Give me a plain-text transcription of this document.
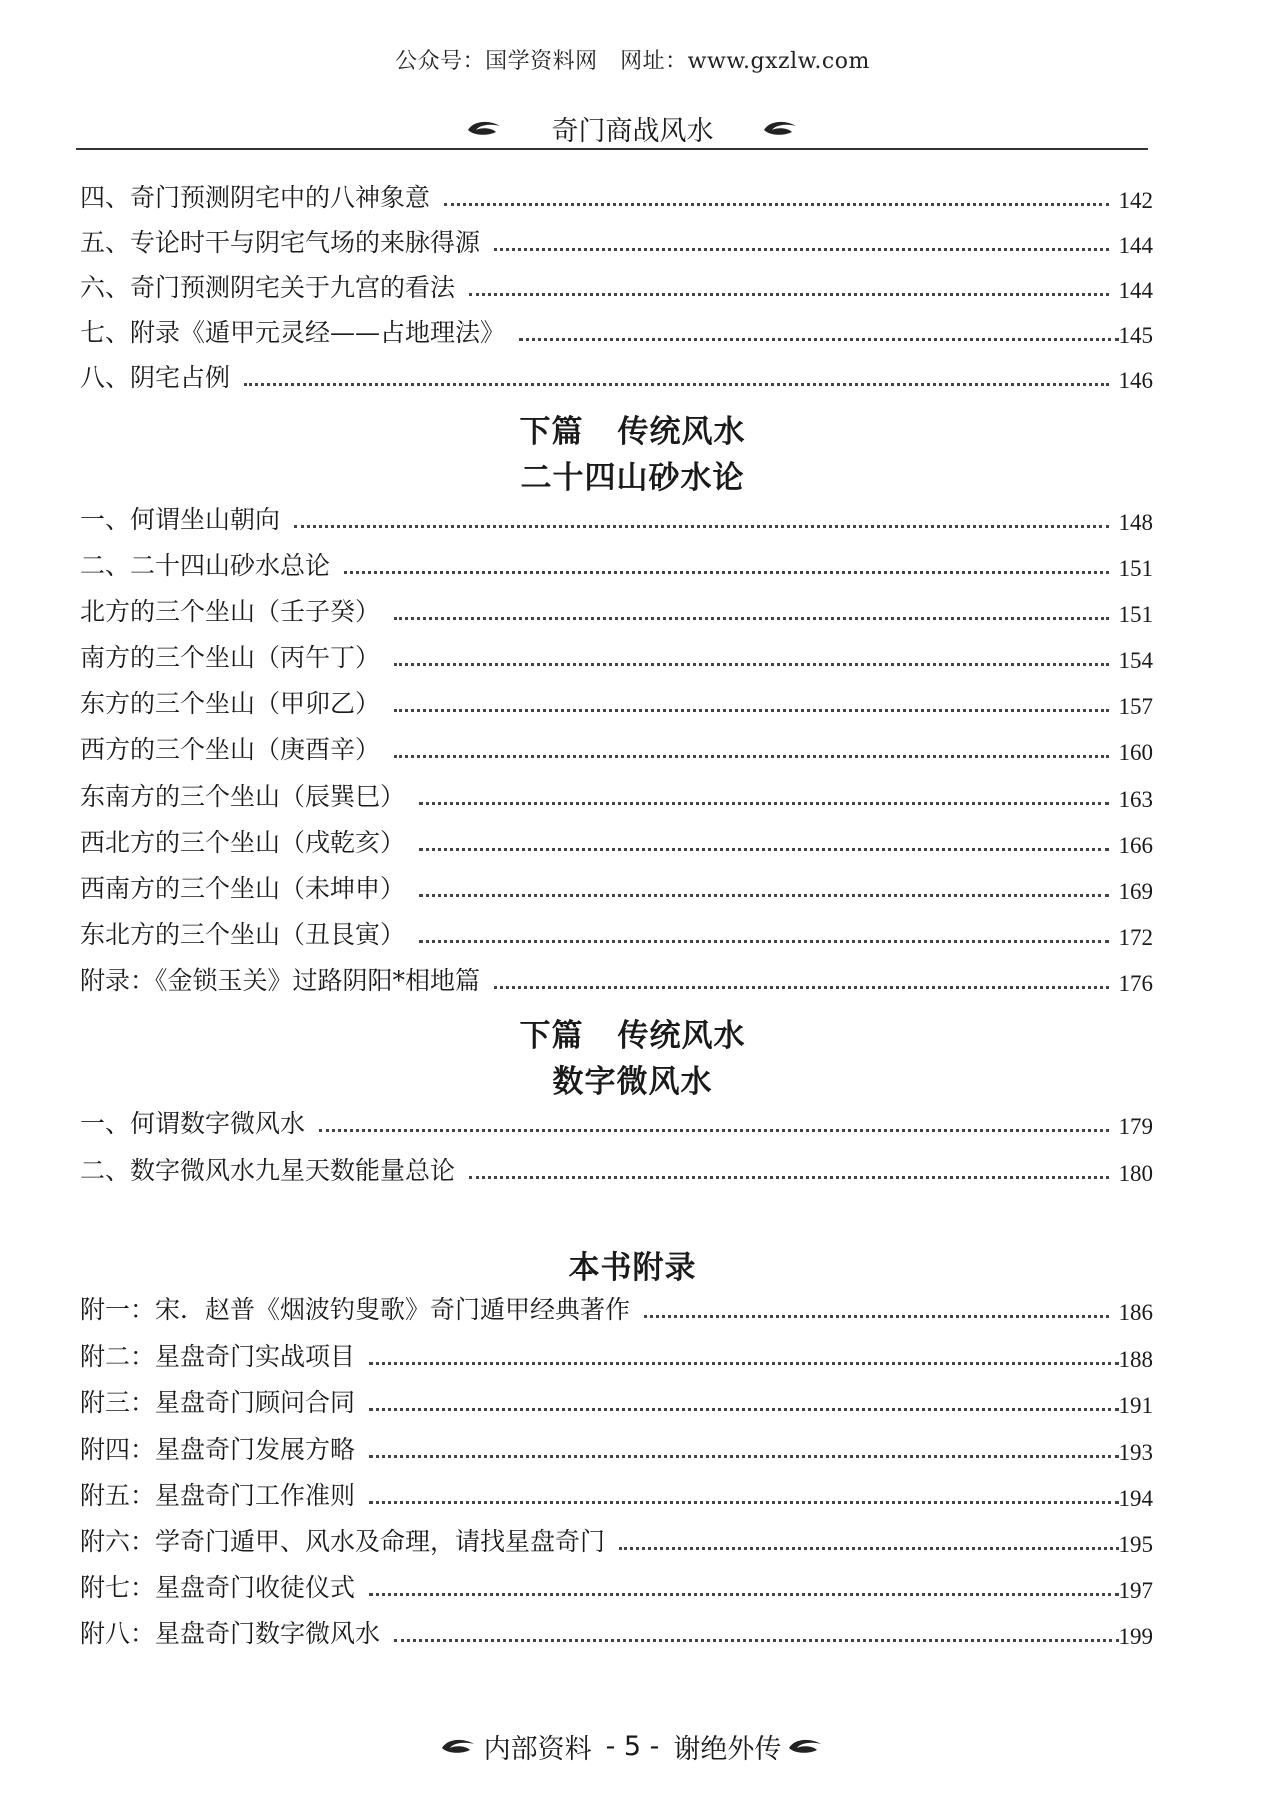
公众号：国学资料网　网址：www.gxzlw.com
奇门商战风水
四、奇门预测阴宅中的八神象意	142
五、专论时干与阴宅气场的来脉得源	144
六、奇门预测阴宅关于九宫的看法	144
七、附录《遁甲元灵经——占地理法》	145
八、阴宅占例	146
下篇 传统风水
二十四山砂水论
一、何谓坐山朝向	148
二、二十四山砂水总论	151
北方的三个坐山（壬子癸）	151
南方的三个坐山（丙午丁）	154
东方的三个坐山（甲卯乙）	157
西方的三个坐山（庚酉辛）	160
东南方的三个坐山（辰巽巳）	163
西北方的三个坐山（戌乾亥）	166
西南方的三个坐山（未坤申）	169
东北方的三个坐山（丑艮寅）	172
附录：《金锁玉关》过路阴阳*相地篇	176
下篇 传统风水
数字微风水
一、何谓数字微风水	179
二、数字微风水九星天数能量总论	180
本书附录
附一：宋．赵普《烟波钓叟歌》奇门遁甲经典著作	186
附二：星盘奇门实战项目	188
附三：星盘奇门顾问合同	191
附四：星盘奇门发展方略	193
附五：星盘奇门工作准则	194
附六：学奇门遁甲、风水及命理，请找星盘奇门	195
附七：星盘奇门收徒仪式	197
附八：星盘奇门数字微风水	199
内部资料 - 5 - 谢绝外传
